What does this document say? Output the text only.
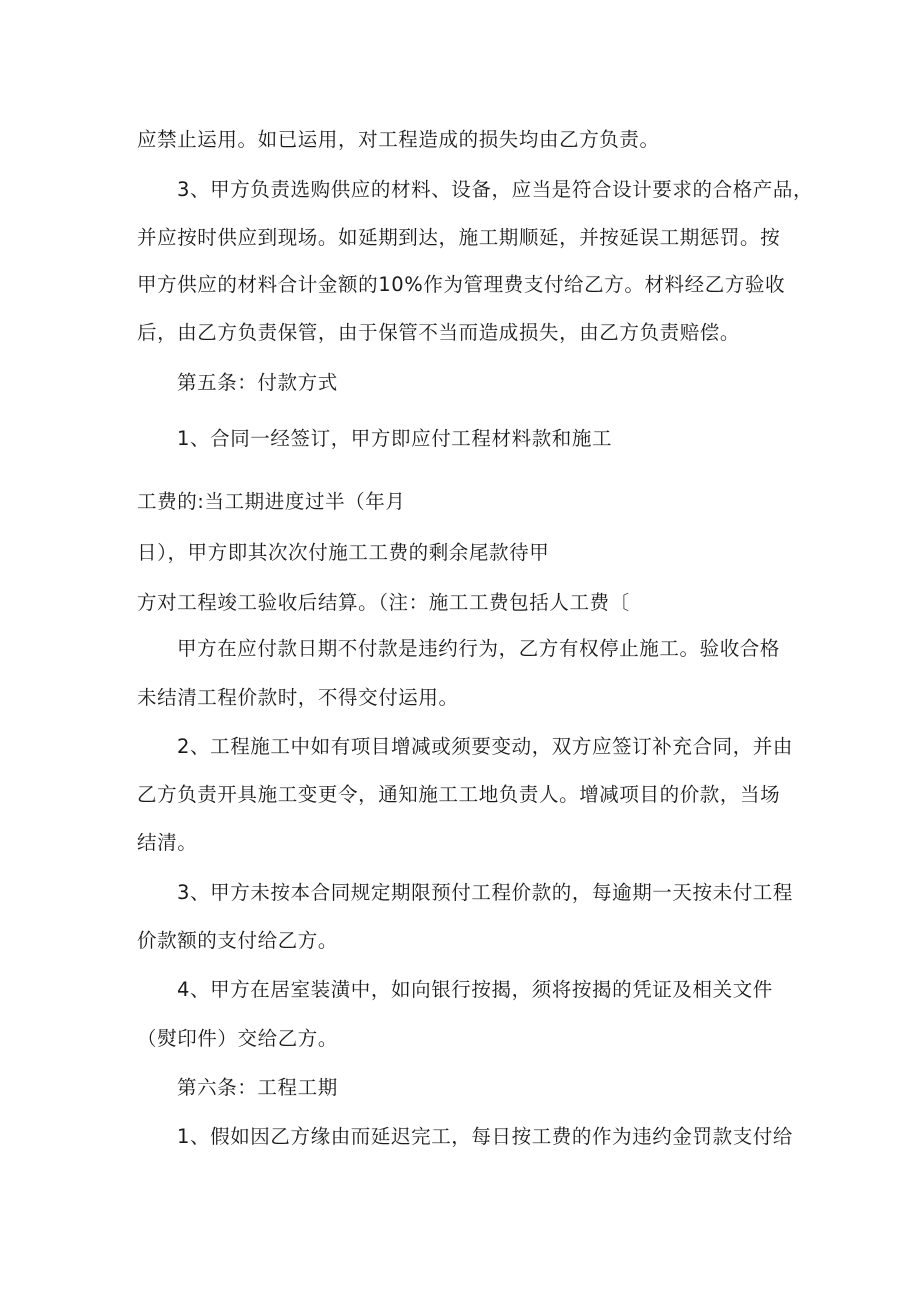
应禁止运用。如已运用，对工程造成的损失均由乙方负责。
3、甲方负责选购供应的材料、设备，应当是符合设计要求的合格产品，
并应按时供应到现场。如延期到达，施工期顺延，并按延误工期惩罚。按
甲方供应的材料合计金额的10%作为管理费支付给乙方。材料经乙方验收
后，由乙方负责保管，由于保管不当而造成损失，由乙方负责赔偿。
第五条：付款方式
1、合同一经签订，甲方即应付工程材料款和施工
工费的:当工期进度过半（年月
日），甲方即其次次付施工工费的剩余尾款待甲
方对工程竣工验收后结算。（注：施工工费包括人工费〔
甲方在应付款日期不付款是违约行为，乙方有权停止施工。验收合格
未结清工程价款时，不得交付运用。
2、工程施工中如有项目增减或须要变动，双方应签订补充合同，并由
乙方负责开具施工变更令，通知施工工地负责人。增减项目的价款，当场
结清。
3、甲方未按本合同规定期限预付工程价款的，每逾期一天按未付工程
价款额的支付给乙方。
4、甲方在居室装潢中，如向银行按揭，须将按揭的凭证及相关文件
（熨印件）交给乙方。
第六条：工程工期
1、假如因乙方缘由而延迟完工，每日按工费的作为违约金罚款支付给
